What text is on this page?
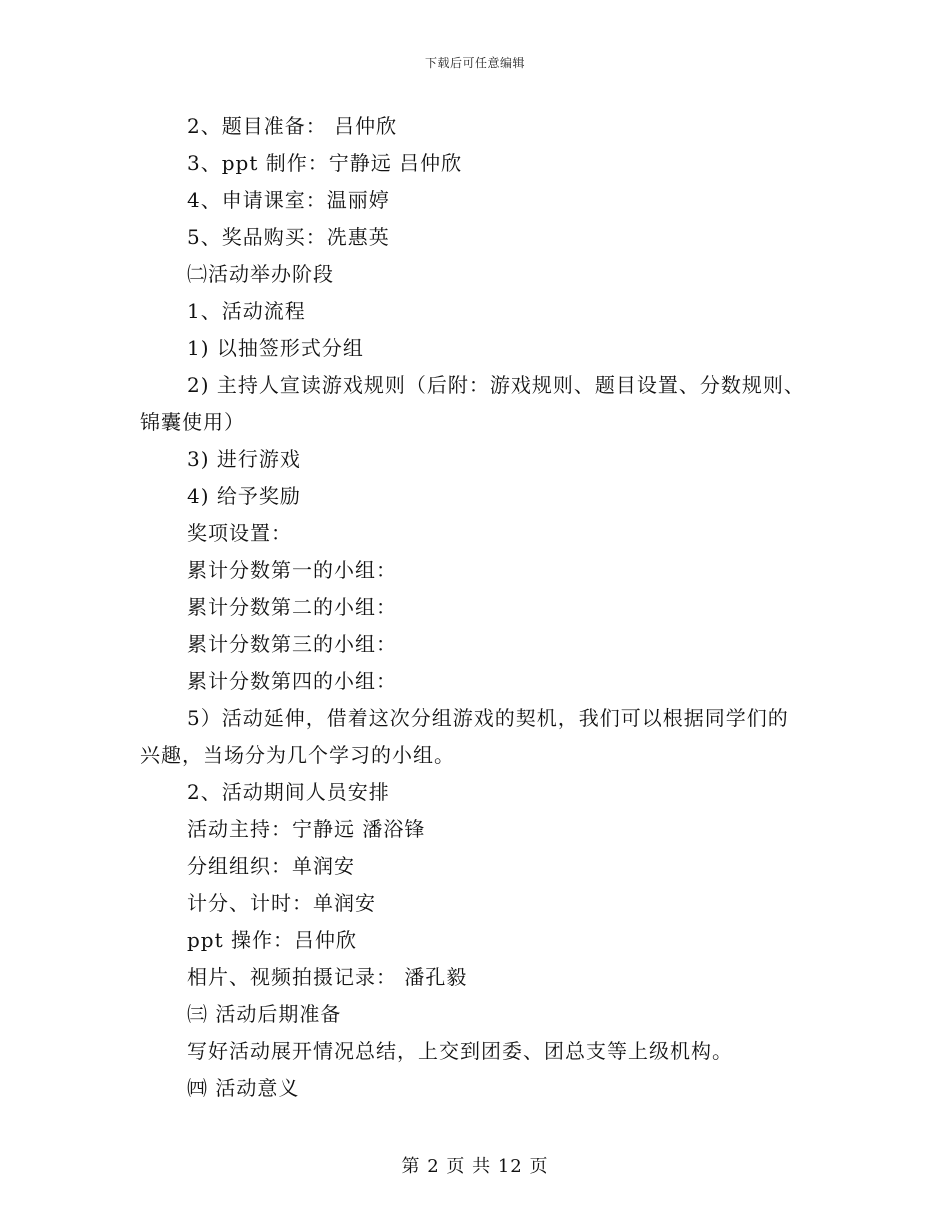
下载后可任意编辑
2、题目准备： 吕仲欣
3、ppt 制作：宁静远 吕仲欣
4、申请课室：温丽婷
5、奖品购买：冼惠英
㈡活动举办阶段
1、活动流程
1) 以抽签形式分组
2) 主持人宣读游戏规则（后附：游戏规则、题目设置、分数规则、
锦囊使用）
3) 进行游戏
4) 给予奖励
奖项设置：
累计分数第一的小组：
累计分数第二的小组：
累计分数第三的小组：
累计分数第四的小组：
5）活动延伸，借着这次分组游戏的契机，我们可以根据同学们的
兴趣，当场分为几个学习的小组。
2、活动期间人员安排
活动主持：宁静远 潘浴锋
分组组织：单润安
计分、计时：单润安
ppt 操作：吕仲欣
相片、视频拍摄记录： 潘孔毅
㈢ 活动后期准备
写好活动展开情况总结，上交到团委、团总支等上级机构。
㈣ 活动意义
第 2 页 共 12 页
